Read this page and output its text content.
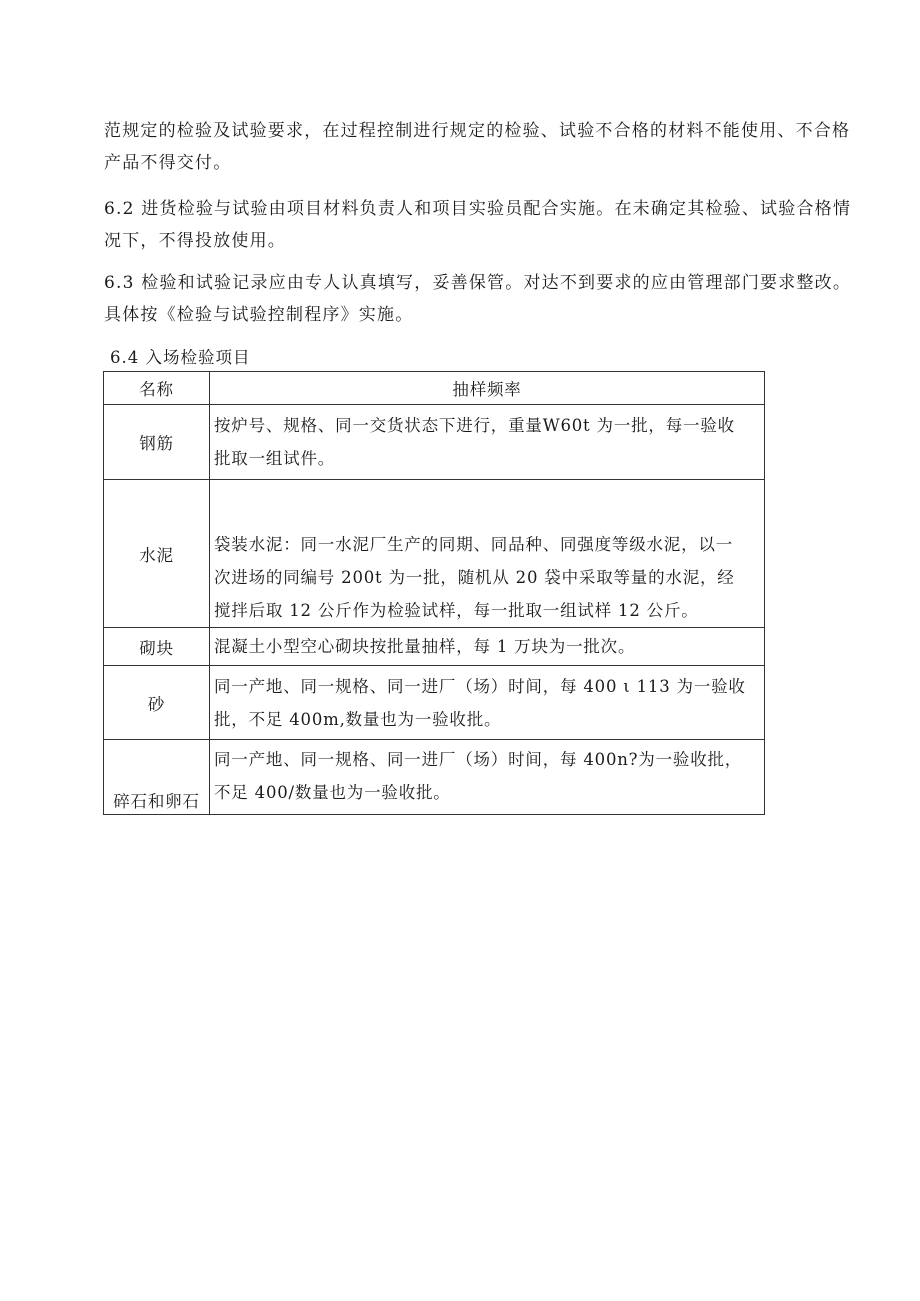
范规定的检验及试验要求，在过程控制进行规定的检验、试验不合格的材料不能使用、不合格
产品不得交付。

6.2 进货检验与试验由项目材料负责人和项目实验员配合实施。在未确定其检验、试验合格情
况下，不得投放使用。

6.3 检验和试验记录应由专人认真填写，妥善保管。对达不到要求的应由管理部门要求整改。
具体按《检验与试验控制程序》实施。

6.4 入场检验项目
名称	抽样频率
钢筋	按炉号、规格、同一交货状态下进行，重量W60t 为一批，每一验收
批取一组试件。

水泥	袋装水泥：同一水泥厂生产的同期、同品种、同强度等级水泥，以一
次进场的同编号 200t 为一批，随机从 20 袋中采取等量的水泥，经
搅拌后取 12 公斤作为检验试样，每一批取一组试样 12 公斤。

砌块	混凝土小型空心砌块按批量抽样，每 1 万块为一批次。

砂	同一产地、同一规格、同一进厂（场）时间，每 400 ι 113 为一验收
批，不足 400m,数量也为一验收批。

碎石和卵石	同一产地、同一规格、同一进厂（场）时间，每 400n?为一验收批，
不足 400/数量也为一验收批。
